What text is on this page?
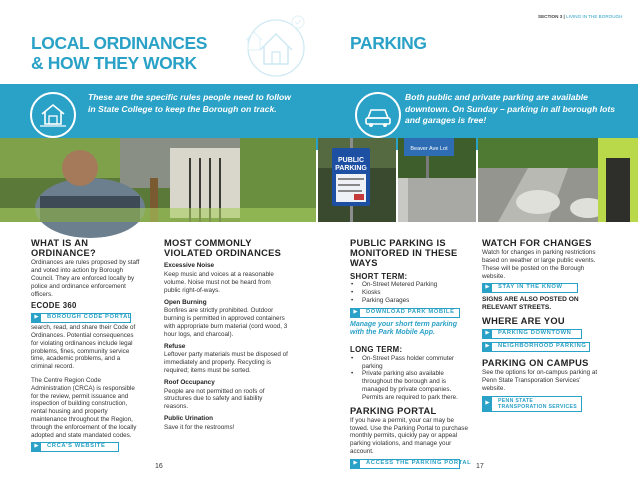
SECTION 3 | LIVING IN THE BOROUGH
LOCAL ORDINANCES
& HOW THEY WORK
PARKING
These are the specific rules people need to follow in State College to keep the Borough on track.
Both public and private parking are available downtown. On Sunday – parking in all borough lots and garages is free!
PUBLIC
PARKING
Beaver Ave Lot
WHAT IS AN ORDINANCE?

Ordinances are rules proposed by staff and voted into action by Borough Council. They are enforced locally by police and ordinance enforcement officers.

ECODE 360
▶	BOROUGH CODE PORTAL

search, read, and share their Code of Ordinances. Potential consequences for violating ordinances include legal problems, fines, community service time, academic problems, and a criminal record.

The Centre Region Code Administration (CRCA) is responsible for the review, permit issuance and inspection of building construction, rental housing and property maintenance throughout the Region, through the enforcement of the locally adopted and state mandated codes.

▶	CRCA'S WEBSITE
MOST COMMONLY VIOLATED ORDINANCES
Excessive Noise

Keep music and voices at a reasonable volume. Noise must not be heard from public right-of-ways.

Open Burning

Bonfires are strictly prohibited. Outdoor burning is permitted in approved containers with appropriate burn material (cord wood, 3 hour logs, and charcoal).

Refuse

Leftover party materials must be disposed of immediately and properly. Recycling is required; items must be sorted.

Roof Occupancy

People are not permitted on roofs of structures due to safety and liability reasons.

Public Urination

Save it for the restrooms!

PUBLIC PARKING IS MONITORED IN THESE WAYS
SHORT TERM:
• On-Street Metered Parking
• Kiosks
• Parking Garages
▶	DOWNLOAD PARK MOBILE
Manage your short term parking with the Park Mobile App.
LONG TERM:
• On-Street Pass holder commuter parking
• Private parking also available throughout the borough and is managed by private companies. Permits are required to park there.
PARKING PORTAL

If you have a permit, your car may be towed. Use the Parking Portal to purchase monthly permits, quickly pay or appeal parking violations, and manage your account.

▶	ACCESS THE PARKING PORTAL
WATCH FOR CHANGES

Watch for changes in parking restrictions based on weather or large public events. These will be posted on the Borough website.

▶	STAY IN THE KNOW
SIGNS ARE ALSO POSTED ON RELEVANT STREETS.
WHERE ARE YOU
▶	PARKING DOWNTOWN
▶	NEIGHBORHOOD PARKING
PARKING ON CAMPUS

See the options for on-campus parking at Penn State Transporation Services' website.

▶	PENN STATE TRANSPORATION SERVICES
16	17
